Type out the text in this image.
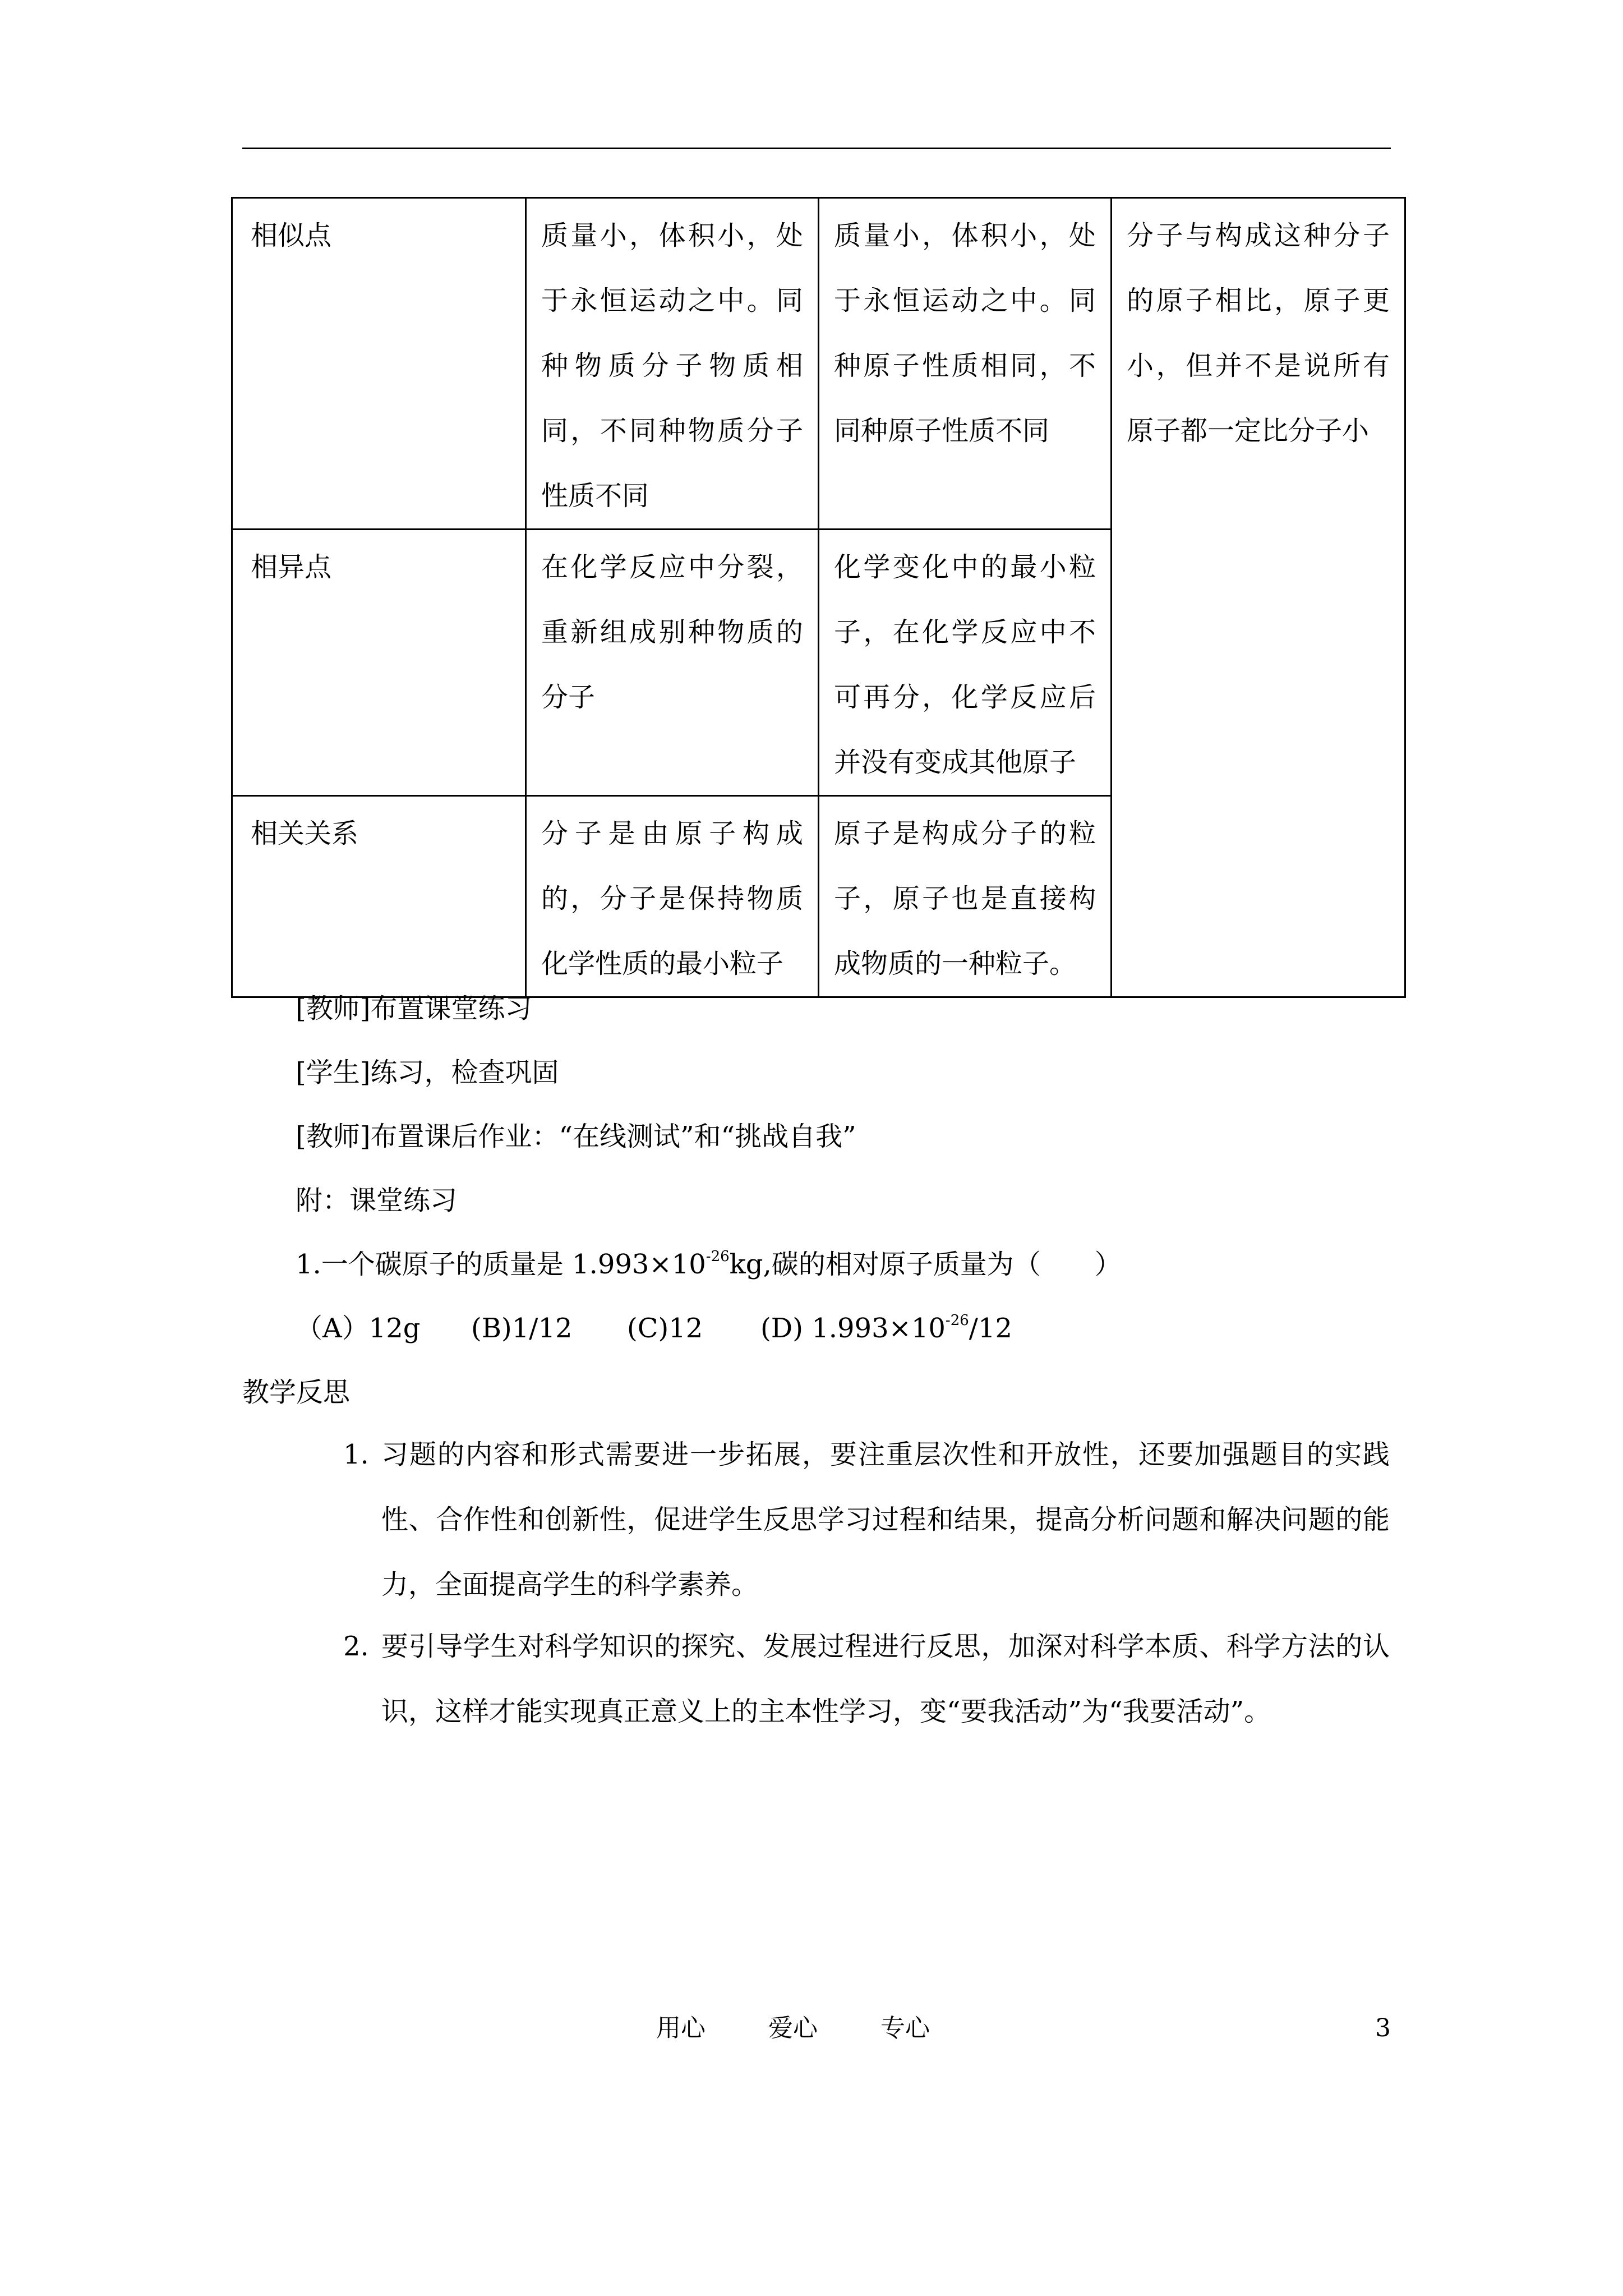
相似点	质量小，体积小，处于永恒运动之中。同种物质分子物质相同，不同种物质分子性质不同	质量小，体积小，处于永恒运动之中。同种原子性质相同，不同种原子性质不同	分子与构成这种分子的原子相比，原子更小，但并不是说所有原子都一定比分子小

相异点	在化学反应中分裂，重新组成别种物质的分子	化学变化中的最小粒子，在化学反应中不可再分，化学反应后并没有变成其他原子	

相关关系	分子是由原子构成的，分子是保持物质化学性质的最小粒子	原子是构成分子的粒子，原子也是直接构成物质的一种粒子。	
[教师]布置课堂练习
[学生]练习，检查巩固
[教师]布置课后作业：“在线测试”和“挑战自我”
附：课堂练习
1.一个碳原子的质量是 $1.993\times 10^{-26}kg$,碳的相对原子质量为（　　）
（A）12g (B)1/12 (C)12 (D) $1.993\times 10^{-26}/12$
教学反思
1. 习题的内容和形式需要进一步拓展，要注重层次性和开放性，还要加强题目的实践性、合作性和创新性，促进学生反思学习过程和结果，提高分析问题和解决问题的能力，全面提高学生的科学素养。
2. 要引导学生对科学知识的探究、发展过程进行反思，加深对科学本质、科学方法的认识，这样才能实现真正意义上的主本性学习，变“要我活动”为“我要活动”。
用心	爱心	专心	3
